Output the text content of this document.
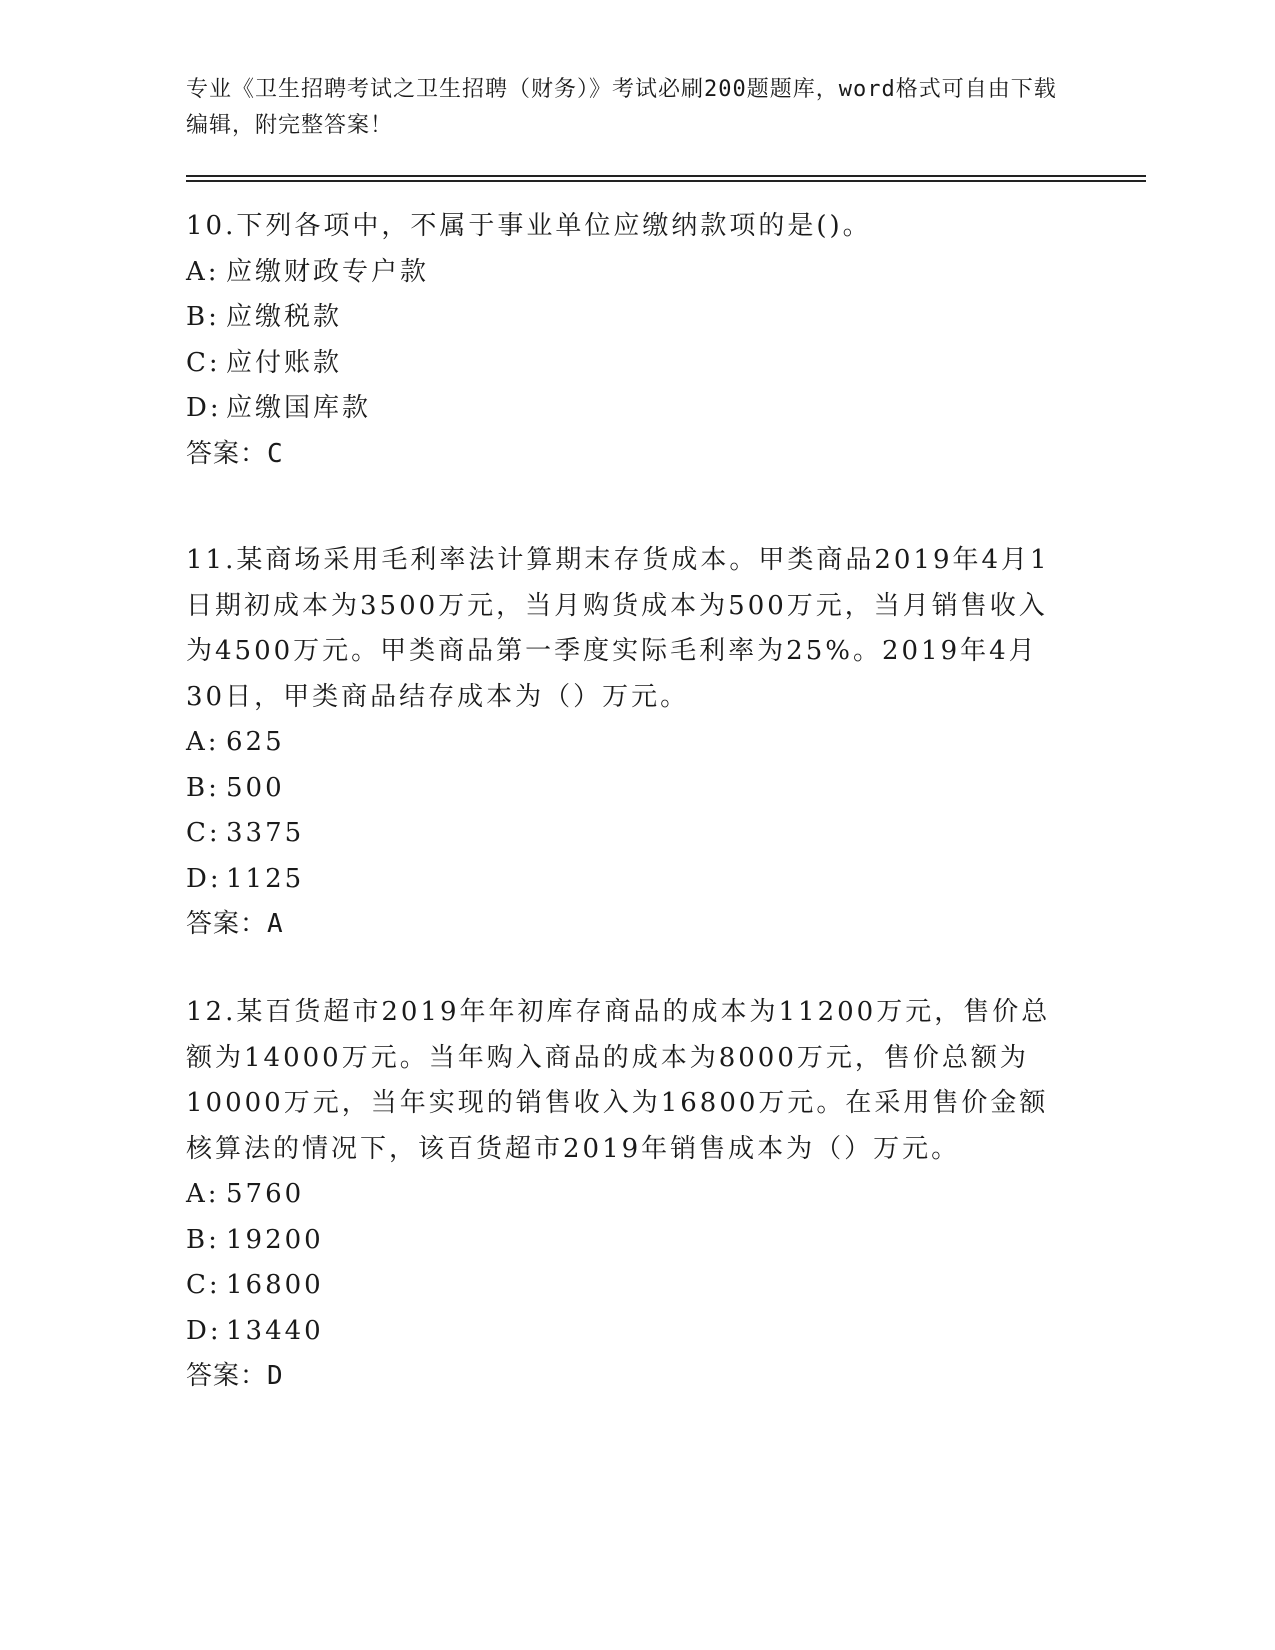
专业《卫生招聘考试之卫生招聘（财务）》考试必刷200题题库，word格式可自由下载编辑，附完整答案！

10.下列各项中，不属于事业单位应缴纳款项的是()。

A: 应缴财政专户款

B: 应缴税款

C: 应付账款

D: 应缴国库款

答案：C

11.某商场采用毛利率法计算期末存货成本。甲类商品2019年4月1日期初成本为3500万元，当月购货成本为500万元，当月销售收入为4500万元。甲类商品第一季度实际毛利率为25%。2019年4月30日，甲类商品结存成本为（）万元。

A: 625

B: 500

C: 3375

D: 1125

答案：A

12.某百货超市2019年年初库存商品的成本为11200万元，售价总额为14000万元。当年购入商品的成本为8000万元，售价总额为10000万元，当年实现的销售收入为16800万元。在采用售价金额核算法的情况下，该百货超市2019年销售成本为（）万元。

A: 5760

B: 19200

C: 16800

D: 13440

答案：D
